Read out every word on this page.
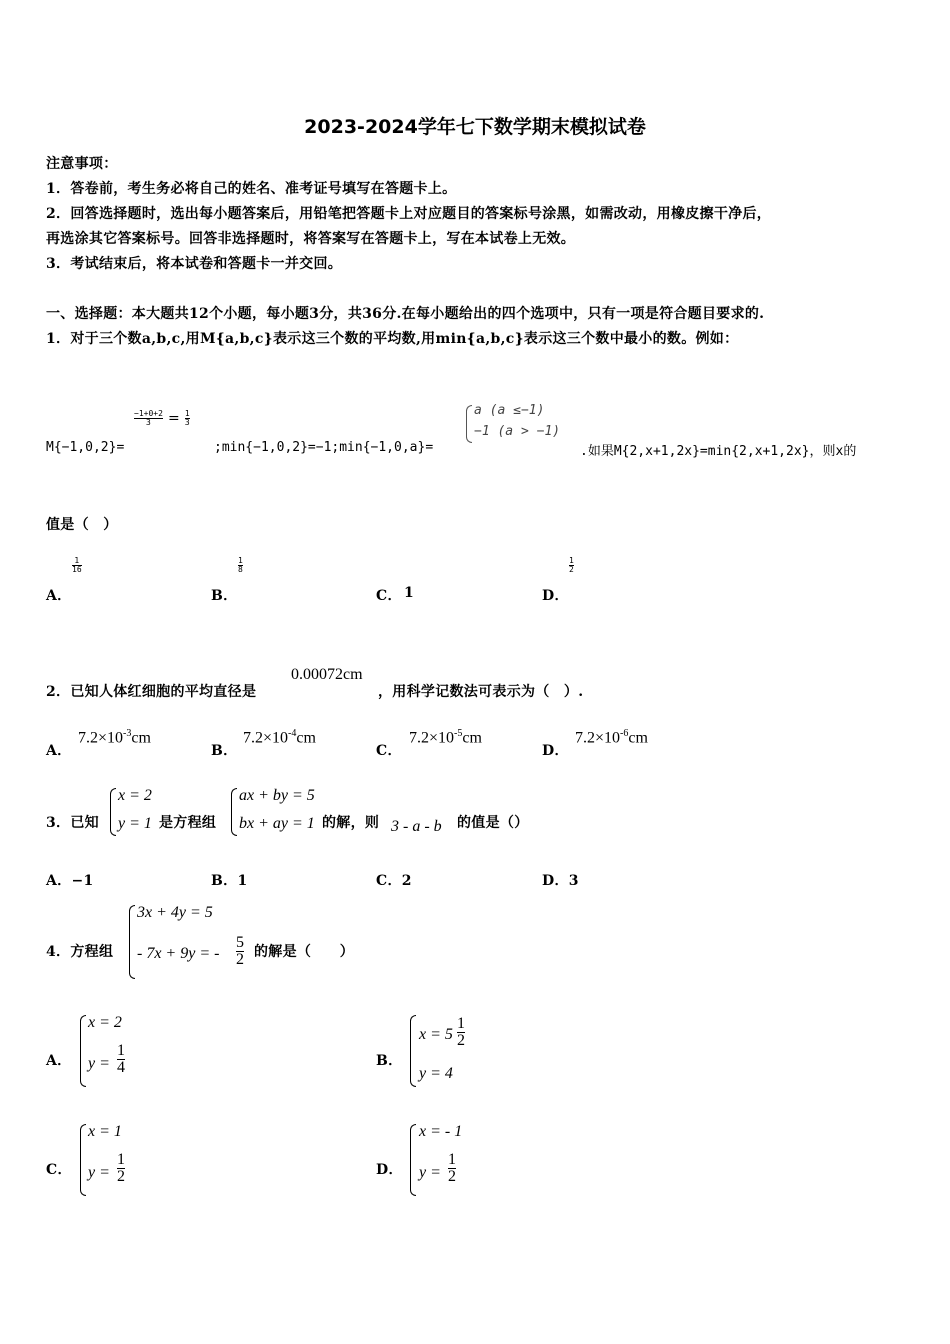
2023-2024学年七下数学期末模拟试卷
注意事项：
1．答卷前，考生务必将自己的姓名、准考证号填写在答题卡上。
2．回答选择题时，选出每小题答案后，用铅笔把答题卡上对应题目的答案标号涂黑，如需改动，用橡皮擦干净后，
再选涂其它答案标号。回答非选择题时，将答案写在答题卡上，写在本试卷上无效。
3．考试结束后，将本试卷和答题卡一并交回。
一、选择题：本大题共12个小题，每小题3分，共36分.在每小题给出的四个选项中，只有一项是符合题目要求的.
1．对于三个数a,b,c,用M{a,b,c}表示这三个数的平均数,用min{a,b,c}表示这三个数中最小的数。例如：
M{−1,0,2}=
$\frac{-1+0+2}{3} = \frac{1}{3}$
;min{−1,0,2}=−1;min{−1,0,a}=
a (a ≤−1)
−1 (a > −1)
.如果M{2,x+1,2x}=min{2,x+1,2x}，则x的
值是（　）
A．
$\frac{1}{16}$
B．
$\frac{1}{8}$
C． 1	D．
$\frac{1}{2}$
2．已知人体红细胞的平均直径是
0.00072cm
，用科学记数法可表示为（　）.
A．
$7.2\times 10^{-3}cm$
B．
$7.2\times 10^{-4}cm$
C．
$7.2\times 10^{-5}cm$
D．
$7.2\times 10^{-6}cm$
3．已知
x = 2
y = 1 是方程组
ax + by = 5
bx + ay = 1 的解，则 3 - a - b 的值是（）
A．−1	B．1	C．2	D．3
4．方程组
3x + 4y = 5
- 7x + 9y = - $\frac{5}{2}$ 的解是（　　）
A．
x = 2
$y = \frac{1}{4}$	B．
$x = 5 \frac{1}{2}$
y = 4
C．
x = 1
$y = \frac{1}{2}$	D．
x = - 1
$y = \frac{1}{2}$
